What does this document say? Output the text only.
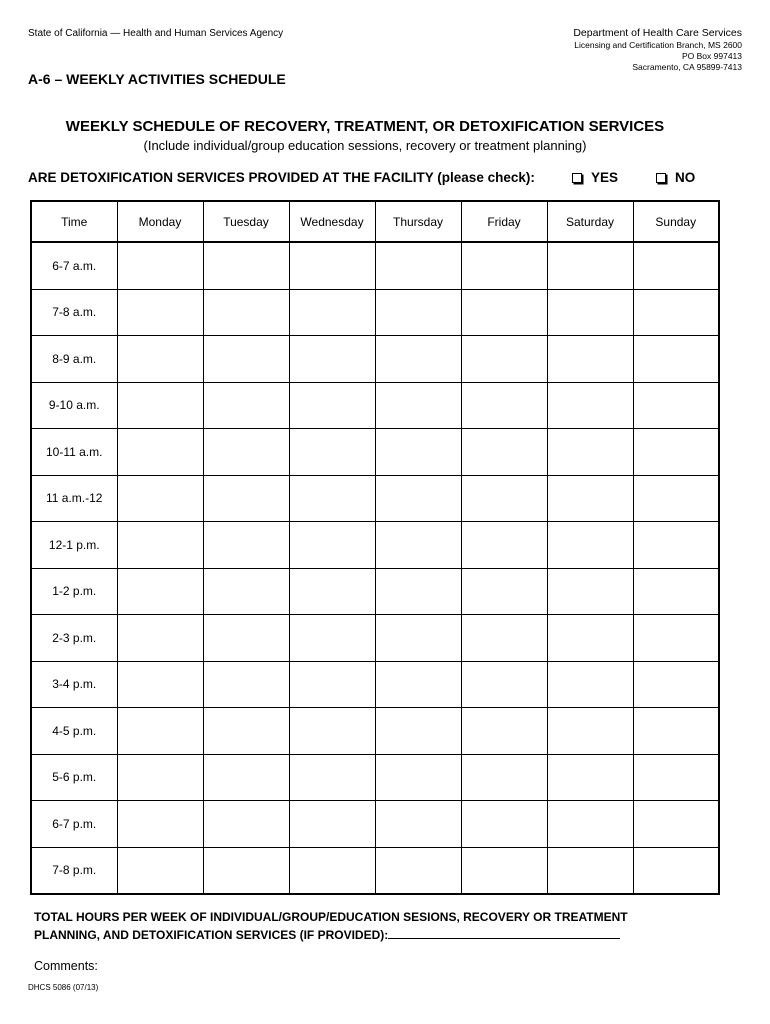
State of California — Health and Human Services Agency	Department of Health Care Services
Licensing and Certification Branch, MS 2600
PO Box 997413
Sacramento, CA 95899-7413
A-6 – WEEKLY ACTIVITIES SCHEDULE
WEEKLY SCHEDULE OF RECOVERY, TREATMENT, OR DETOXIFICATION SERVICES
(Include individual/group education sessions, recovery or treatment planning)
ARE DETOXIFICATION SERVICES PROVIDED AT THE FACILITY (please check):	YES	NO
Time	Monday	Tuesday	Wednesday	Thursday	Friday	Saturday	Sunday
6-7 a.m.							
7-8 a.m.							
8-9 a.m.							
9-10 a.m.							
10-11 a.m.							
11 a.m.-12							
12-1 p.m.							
1-2 p.m.							
2-3 p.m.							
3-4 p.m.							
4-5 p.m.							
5-6 p.m.							
6-7 p.m.							
7-8 p.m.							
TOTAL HOURS PER WEEK OF INDIVIDUAL/GROUP/EDUCATION SESIONS, RECOVERY OR TREATMENT
PLANNING, AND DETOXIFICATION SERVICES (IF PROVIDED):
Comments:
DHCS 5086 (07/13)
